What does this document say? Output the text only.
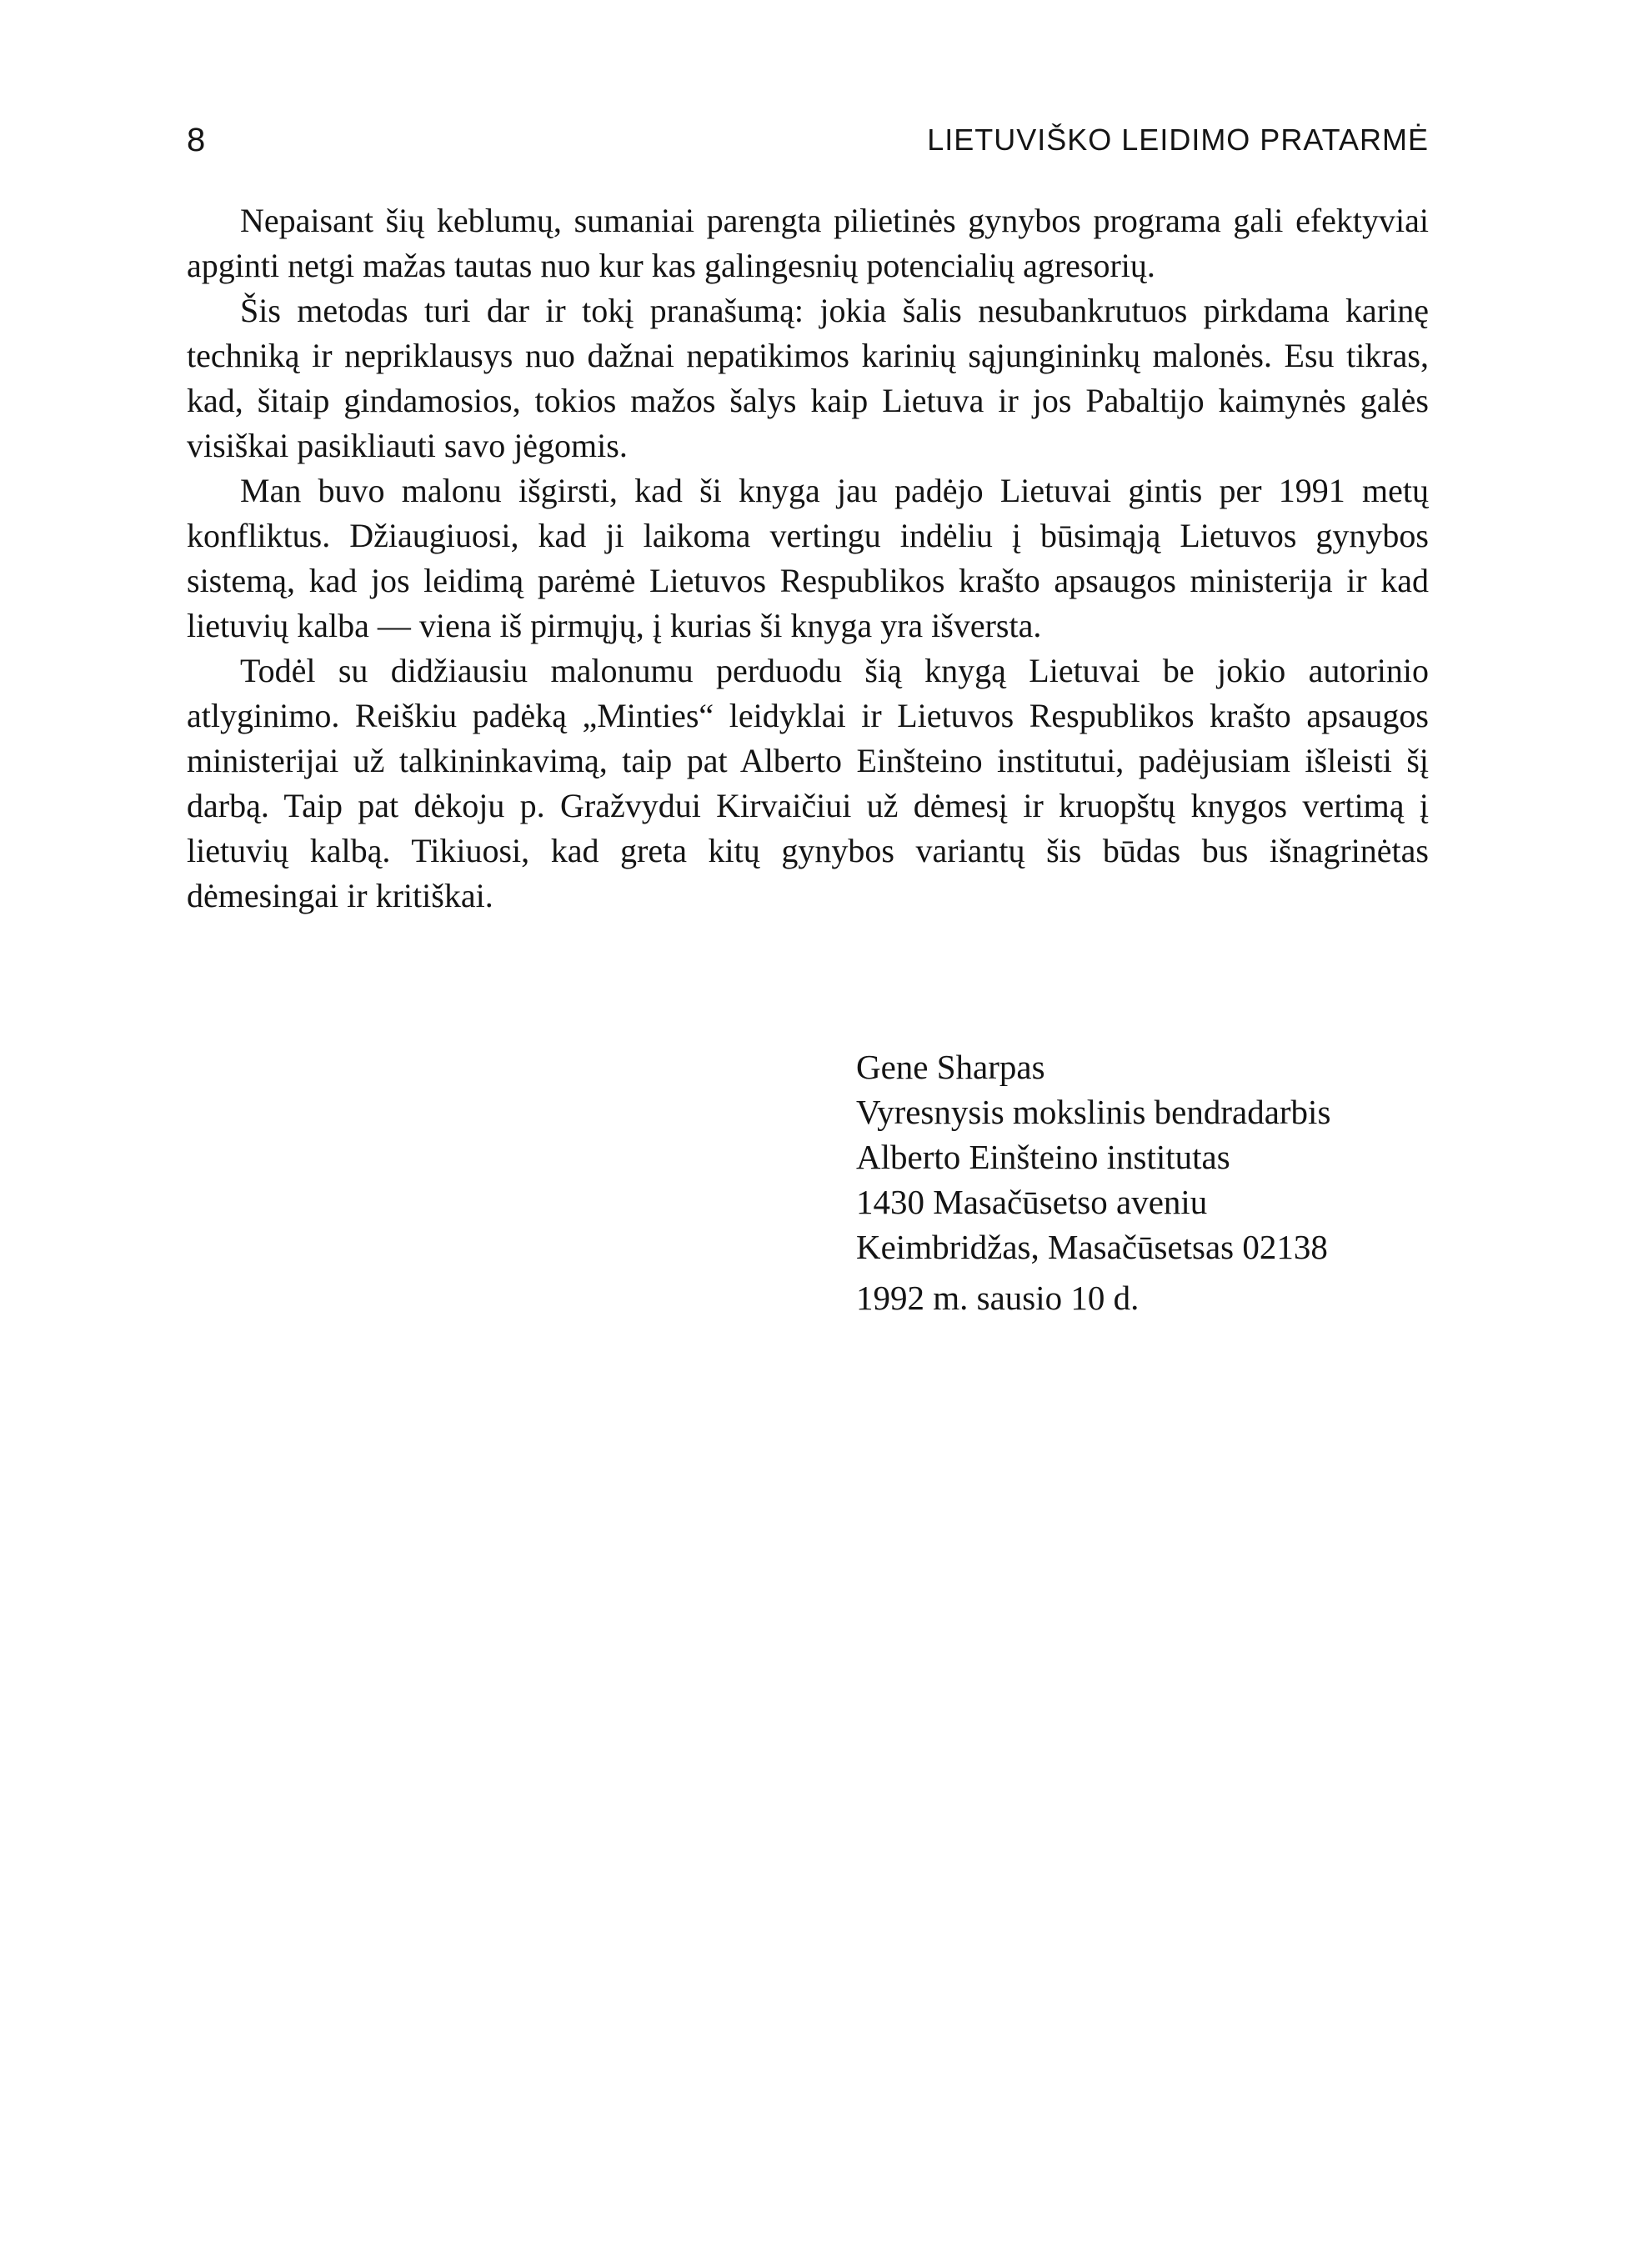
8	LIETUVIŠKO LEIDIMO PRATARMĖ

Nepaisant šių keblumų, sumaniai parengta pilietinės gynybos programa gali efektyviai apginti netgi mažas tautas nuo kur kas galingesnių potencialių agresorių.

Šis metodas turi dar ir tokį pranašumą: jokia šalis nesubankrutuos pirkdama karinę techniką ir nepriklausys nuo dažnai nepatikimos karinių sąjungininkų malonės. Esu tikras, kad, šitaip gindamosios, tokios mažos šalys kaip Lietuva ir jos Pabaltijo kaimynės galės visiškai pasikliauti savo jėgomis.

Man buvo malonu išgirsti, kad ši knyga jau padėjo Lietuvai gintis per 1991 metų konfliktus. Džiaugiuosi, kad ji laikoma vertingu indėliu į būsimąją Lietuvos gynybos sistemą, kad jos leidimą parėmė Lietuvos Respublikos krašto apsaugos ministerija ir kad lietuvių kalba — viena iš pirmųjų, į kurias ši knyga yra išversta.

Todėl su didžiausiu malonumu perduodu šią knygą Lietuvai be jokio autorinio atlyginimo. Reiškiu padėką „Minties“ leidyklai ir Lietuvos Respublikos krašto apsaugos ministerijai už talkininkavimą, taip pat Alberto Einšteino institutui, padėjusiam išleisti šį darbą. Taip pat dėkoju p. Gražvydui Kirvaičiui už dėmesį ir kruopštų knygos vertimą į lietuvių kalbą. Tikiuosi, kad greta kitų gynybos variantų šis būdas bus išnagrinėtas dėmesingai ir kritiškai.

Gene Sharpas
Vyresnysis mokslinis bendradarbis
Alberto Einšteino institutas
1430 Masačūsetso aveniu
Keimbridžas, Masačūsetsas 02138
1992 m. sausio 10 d.
